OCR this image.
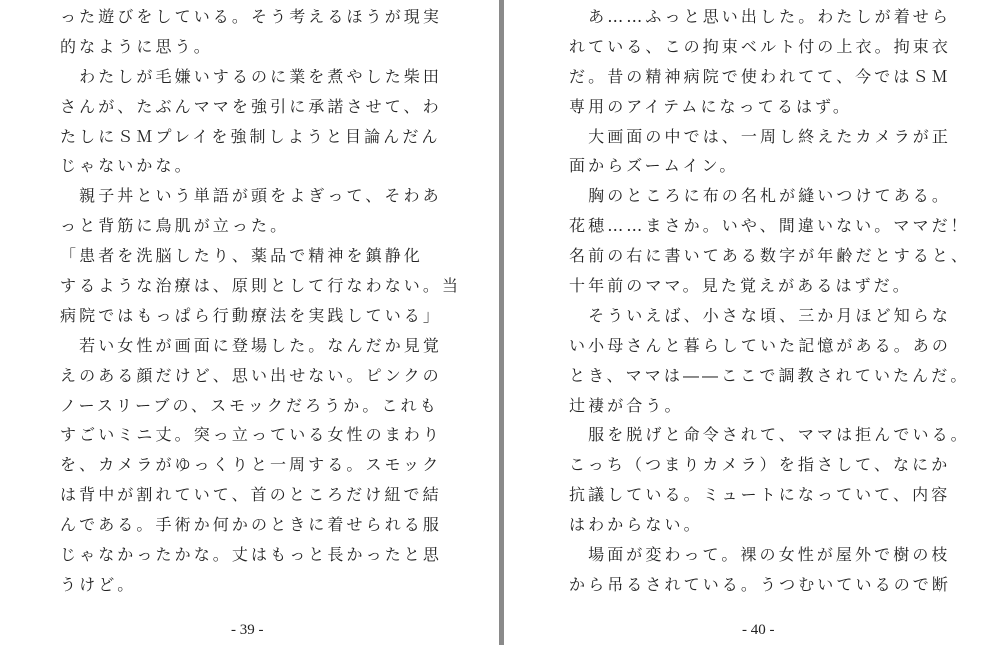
った遊びをしている。そう考えるほうが現実
的なように思う。
　わたしが毛嫌いするのに業を煮やした柴田
さんが、たぶんママを強引に承諾させて、わ
たしにＳＭプレイを強制しようと目論んだん
じゃないかな。
　親子丼という単語が頭をよぎって、そわあ
っと背筋に鳥肌が立った。
「患者を洗脳したり、薬品で精神を鎮静化
するような治療は、原則として行なわない。当
病院ではもっぱら行動療法を実践している」
　若い女性が画面に登場した。なんだか見覚
えのある顔だけど、思い出せない。ピンクの
ノースリーブの、スモックだろうか。これも
すごいミニ丈。突っ立っている女性のまわり
を、カメラがゆっくりと一周する。スモック
は背中が割れていて、首のところだけ紐で結
んである。手術か何かのときに着せられる服
じゃなかったかな。丈はもっと長かったと思
うけど。
- 39 -
　あ……ふっと思い出した。わたしが着せら
れている、この拘束ベルト付の上衣。拘束衣
だ。昔の精神病院で使われてて、今ではＳＭ
専用のアイテムになってるはず。
　大画面の中では、一周し終えたカメラが正
面からズームイン。
　胸のところに布の名札が縫いつけてある。
花穂……まさか。いや、間違いない。ママだ！
名前の右に書いてある数字が年齢だとすると、
十年前のママ。見た覚えがあるはずだ。
　そういえば、小さな頃、三か月ほど知らな
い小母さんと暮らしていた記憶がある。あの
とき、ママは――ここで調教されていたんだ。
辻褄が合う。
　服を脱げと命令されて、ママは拒んでいる。
こっち（つまりカメラ）を指さして、なにか
抗議している。ミュートになっていて、内容
はわからない。
　場面が変わって。裸の女性が屋外で樹の枝
から吊るされている。うつむいているので断
- 40 -
